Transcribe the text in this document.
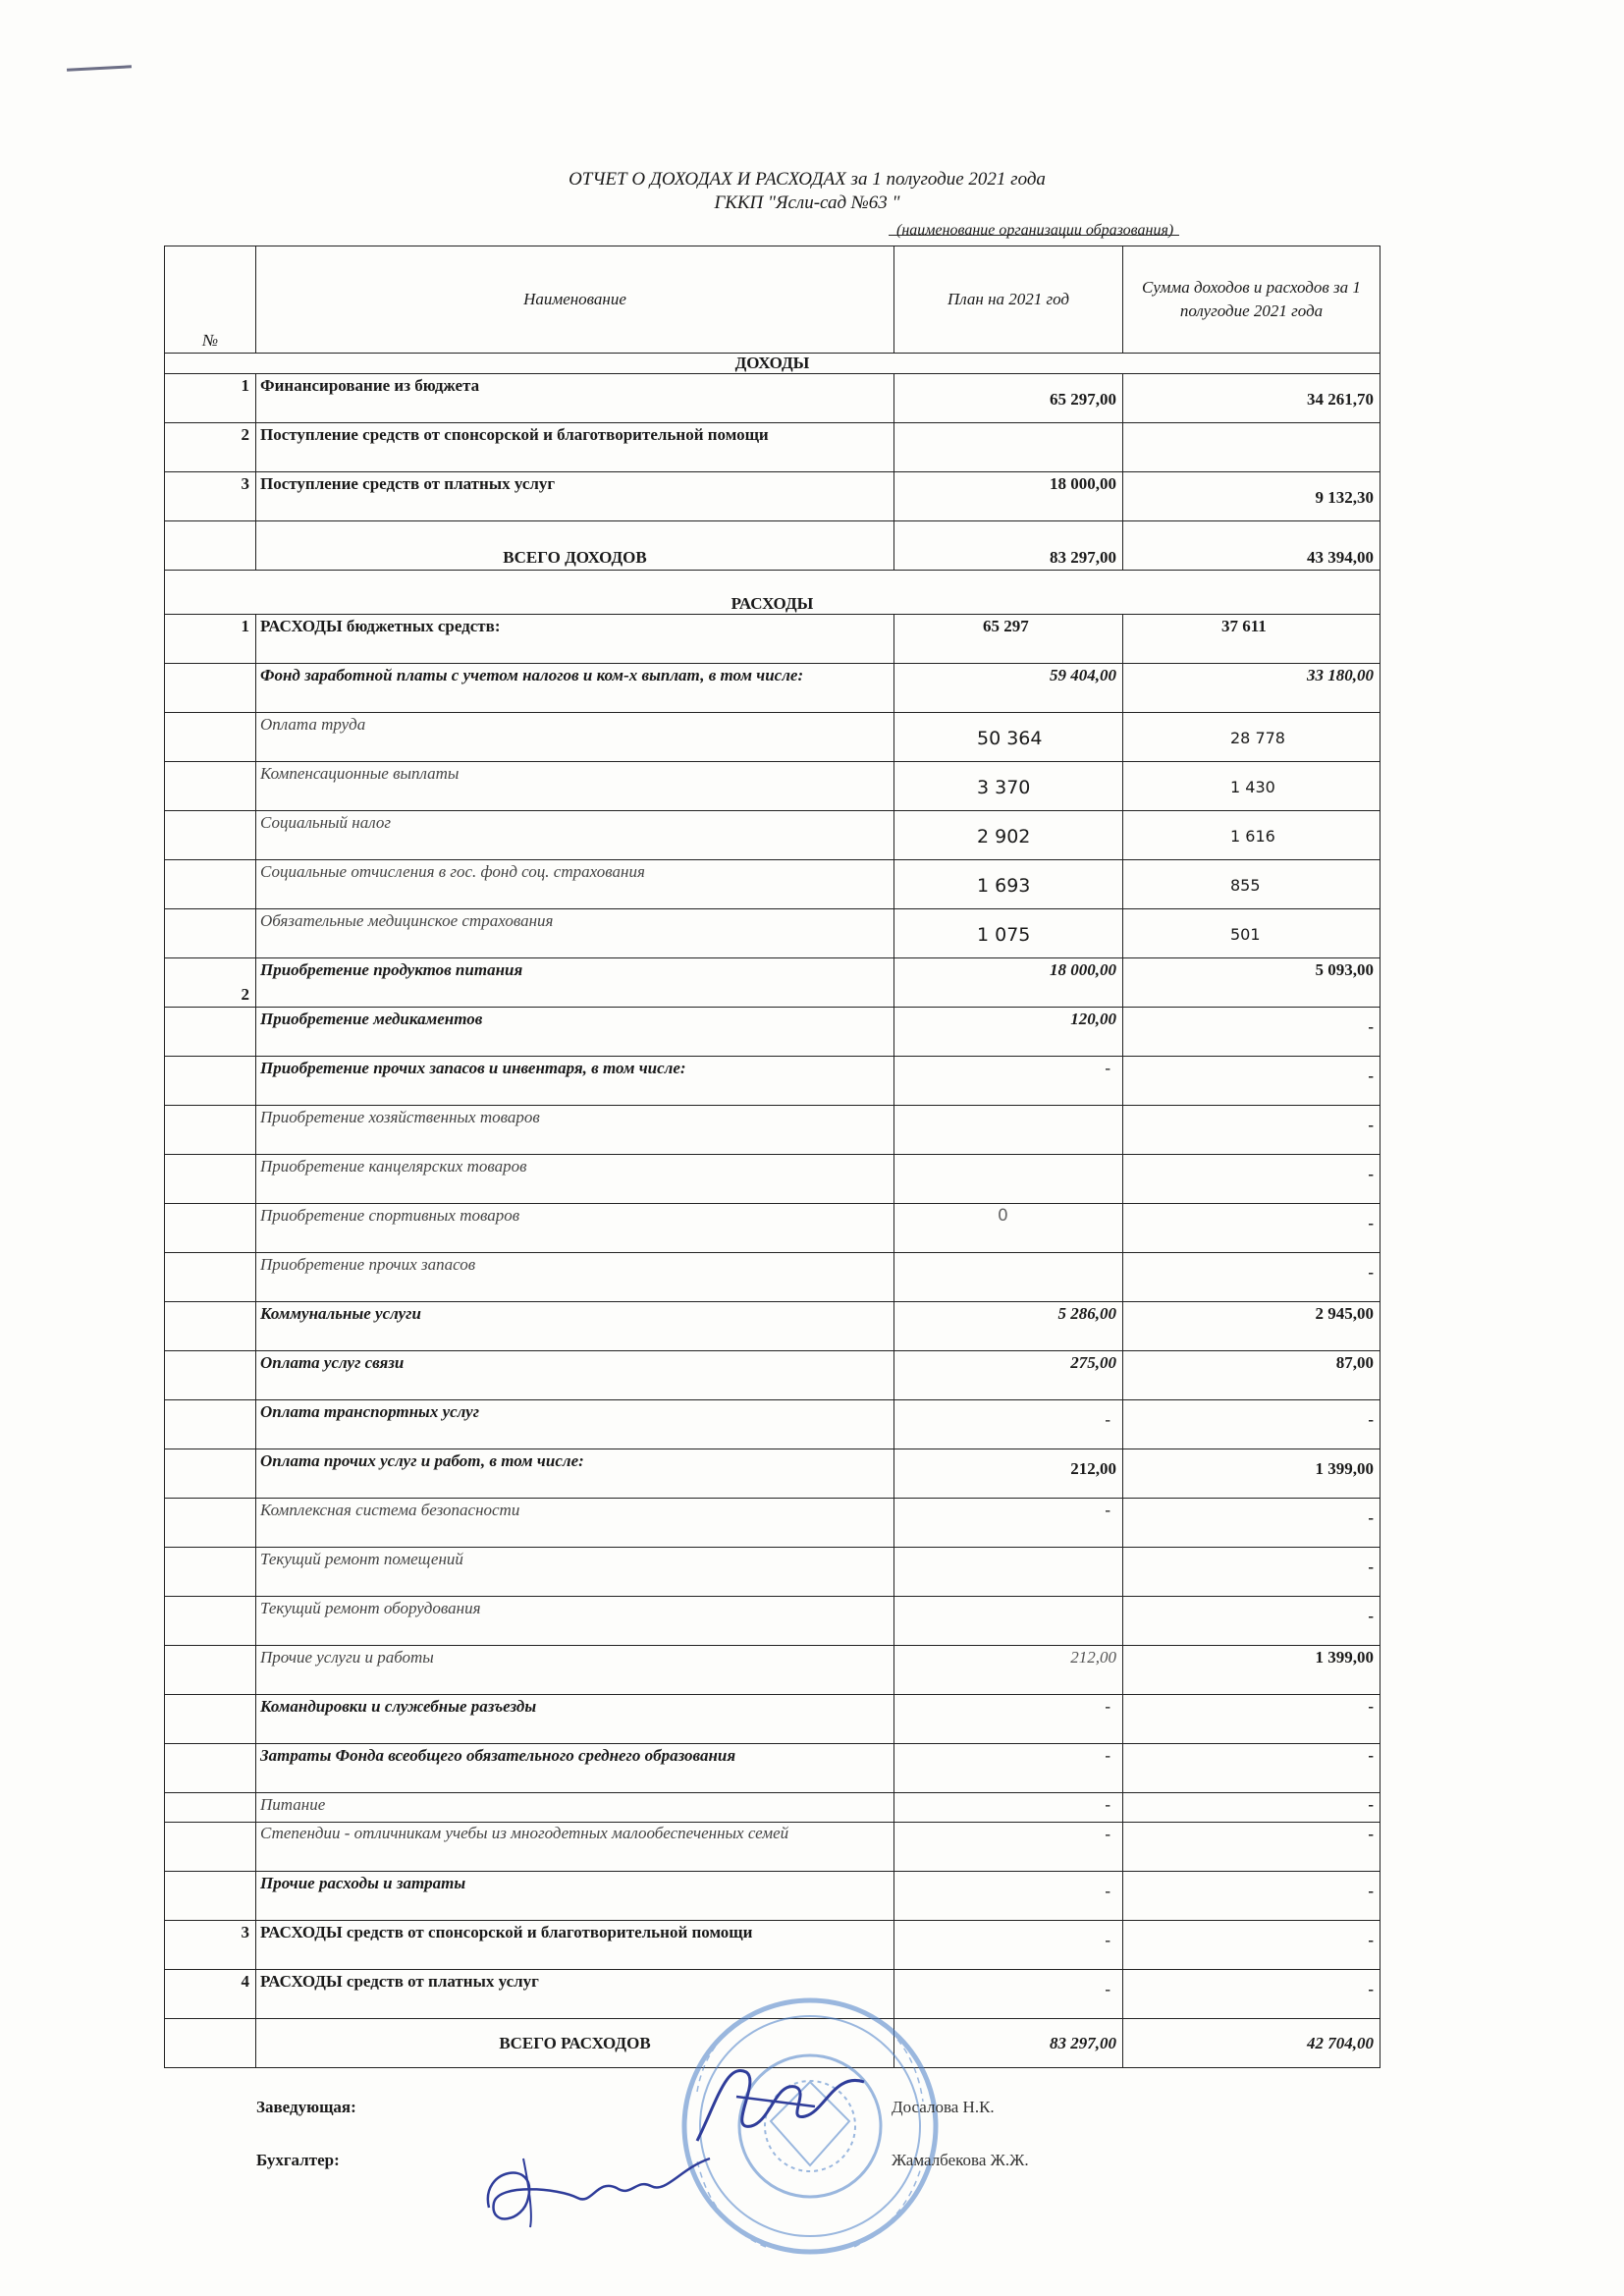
ОТЧЕТ О ДОХОДАХ И РАСХОДАХ за 1 полугодие 2021 года
ГККП "Ясли-сад №63 "
(наименование организации образования)
№	Наименование	План на 2021 год	Сумма доходов и расходов за 1 полугодие 2021 года
ДОХОДЫ			
1	Финансирование из бюджета	65 297,00	34 261,70

2	Поступление средств от спонсорской и благотворительной помощи		
3	Поступление средств от платных услуг	18 000,00	9 132,30

	ВСЕГО ДОХОДОВ	83 297,00	43 394,00
РАСХОДЫ			
1	РАСХОДЫ бюджетных средств:	65 297	37 611
	Фонд заработной платы с учетом налогов и ком-х выплат, в том числе:	59 404,00	33 180,00
	Оплата труда	50 364	28 778

	Компенсационные выплаты	3 370	1 430

	Социальный налог	2 902	1 616

	Социальные отчисления в гос. фонд соц. страхования	1 693	855

	Обязательные медицинское страхования	1 075	501

2	Приобретение продуктов питания	18 000,00	5 093,00
	Приобретение медикаментов	120,00	-

	Приобретение прочих запасов и инвентаря, в том числе:	-	-

	Приобретение хозяйственных товаров		-

	Приобретение канцелярских товаров		-

	Приобретение спортивных товаров	0	-

	Приобретение прочих запасов		-

	Коммунальные услуги	5 286,00	2 945,00
	Оплата услуг связи	275,00	87,00
	Оплата транспортных услуг	-	-

	Оплата прочих услуг и работ, в том числе:	212,00	1 399,00

	Комплексная система безопасности	-	-

	Текущий ремонт помещений		-

	Текущий ремонт оборудования		-

	Прочие услуги и работы	212,00	1 399,00
	Командировки и служебные разъезды	-	-
	Затраты Фонда всеобщего обязательного среднего образования	-	-
	Питание	-	-
	Степендии - отличникам учебы из многодетных малообеспеченных семей	-	-
	Прочие расходы и затраты	-	-

3	РАСХОДЫ средств от спонсорской и благотворительной помощи	-	-

4	РАСХОДЫ средств от платных услуг	-	-

	ВСЕГО РАСХОДОВ	83 297,00	42 704,00
Заведующая:	Досалова Н.К.
Бухгалтер:	Жамалбекова Ж.Ж.
